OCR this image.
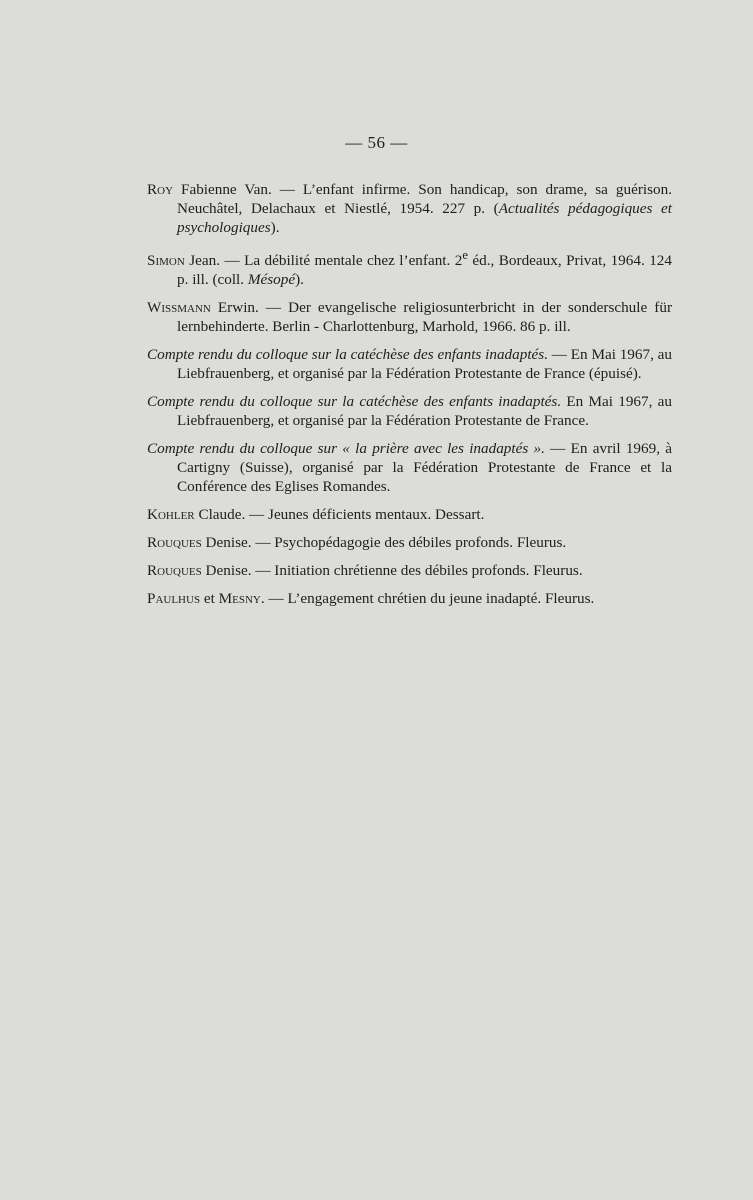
— 56 —

Roy Fabienne Van. — L’enfant infirme. Son handicap, son drame, sa guérison. Neuchâtel, Delachaux et Niestlé, 1954. 227 p. (Actualités pédagogiques et psychologiques).

Simon Jean. — La débilité mentale chez l’enfant. 2e éd., Bordeaux, Privat, 1964. 124 p. ill. (coll. Mésopé).

Wissmann Erwin. — Der evangelische religiosunterbricht in der sonderschule für lernbehinderte. Berlin - Charlottenburg, Marhold, 1966. 86 p. ill.

Compte rendu du colloque sur la catéchèse des enfants inadaptés. — En Mai 1967, au Liebfrauenberg, et organisé par la Fédération Protestante de France (épuisé).

Compte rendu du colloque sur la catéchèse des enfants inadaptés. En Mai 1967, au Liebfrauenberg, et organisé par la Fédération Protestante de France.

Compte rendu du colloque sur « la prière avec les inadaptés ». — En avril 1969, à Cartigny (Suisse), organisé par la Fédération Protestante de France et la Conférence des Eglises Romandes.

Kohler Claude. — Jeunes déficients mentaux. Dessart.

Rouques Denise. — Psychopédagogie des débiles profonds. Fleurus.

Rouques Denise. — Initiation chrétienne des débiles profonds. Fleurus.

Paulhus et Mesny. — L’engagement chrétien du jeune inadapté. Fleurus.
